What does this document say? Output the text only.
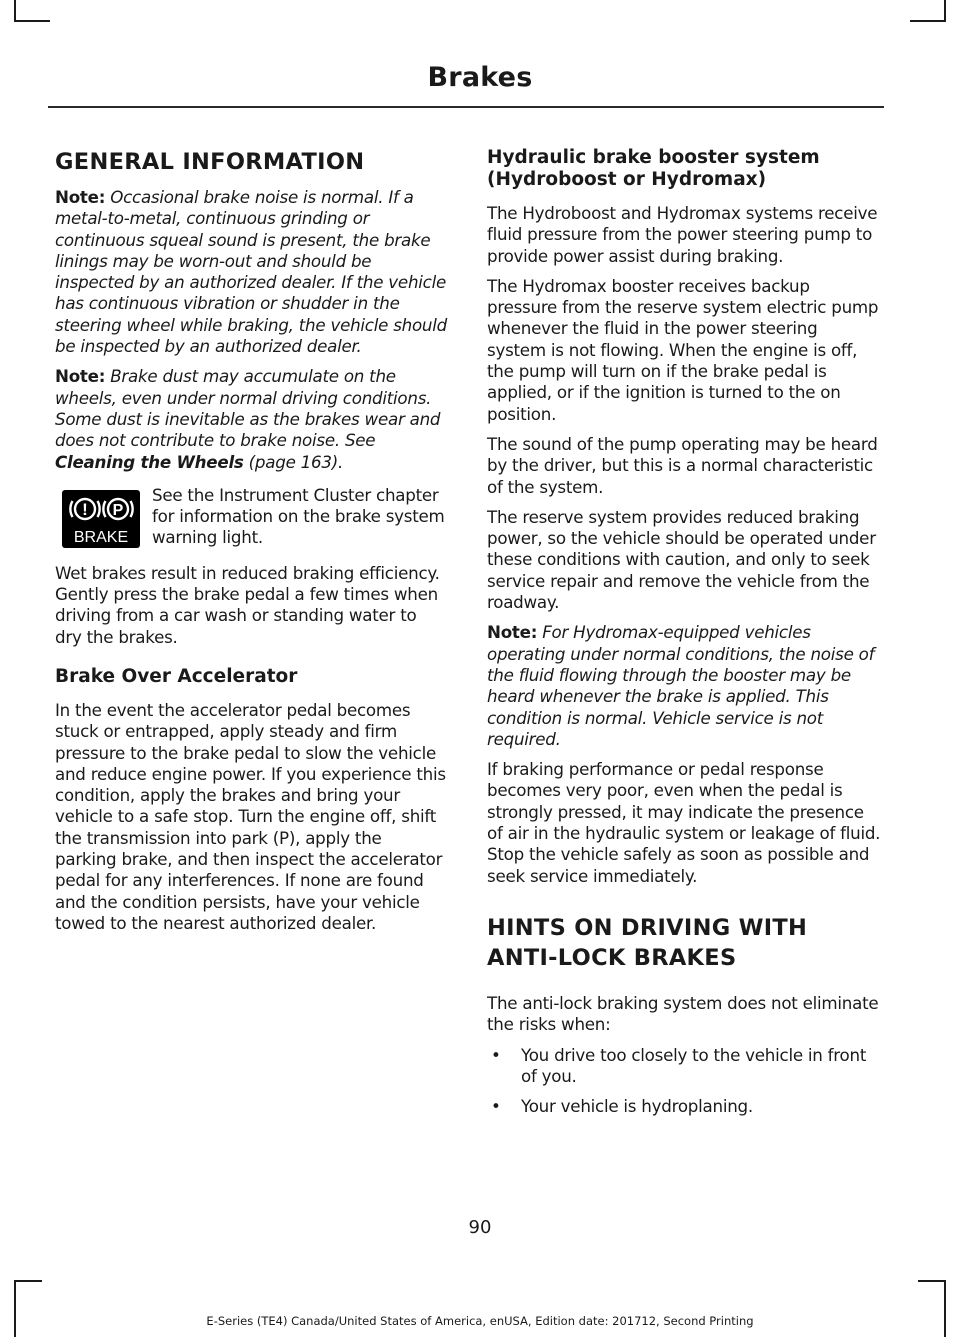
Brakes
GENERAL INFORMATION

Note: Occasional brake noise is normal. If a metal-to-metal, continuous grinding or continuous squeal sound is present, the brake linings may be worn-out and should be inspected by an authorized dealer. If the vehicle has continuous vibration or shudder in the steering wheel while braking, the vehicle should be inspected by an authorized dealer.

Note: Brake dust may accumulate on the wheels, even under normal driving conditions. Some dust is inevitable as the brakes wear and does not contribute to brake noise. See Cleaning the Wheels (page 163).

! P
BRAKE

See the Instrument Cluster chapter for information on the brake system warning light.

Wet brakes result in reduced braking efficiency. Gently press the brake pedal a few times when driving from a car wash or standing water to dry the brakes.

Brake Over Accelerator

In the event the accelerator pedal becomes stuck or entrapped, apply steady and firm pressure to the brake pedal to slow the vehicle and reduce engine power. If you experience this condition, apply the brakes and bring your vehicle to a safe stop. Turn the engine off, shift the transmission into park (P), apply the parking brake, and then inspect the accelerator pedal for any interferences. If none are found and the condition persists, have your vehicle towed to the nearest authorized dealer.

Hydraulic brake booster system (Hydroboost or Hydromax)

The Hydroboost and Hydromax systems receive fluid pressure from the power steering pump to provide power assist during braking.

The Hydromax booster receives backup pressure from the reserve system electric pump whenever the fluid in the power steering system is not flowing. When the engine is off, the pump will turn on if the brake pedal is applied, or if the ignition is turned to the on position.

The sound of the pump operating may be heard by the driver, but this is a normal characteristic of the system.

The reserve system provides reduced braking power, so the vehicle should be operated under these conditions with caution, and only to seek service repair and remove the vehicle from the roadway.

Note: For Hydromax-equipped vehicles operating under normal conditions, the noise of the fluid flowing through the booster may be heard whenever the brake is applied. This condition is normal. Vehicle service is not required.

If braking performance or pedal response becomes very poor, even when the pedal is strongly pressed, it may indicate the presence of air in the hydraulic system or leakage of fluid. Stop the vehicle safely as soon as possible and seek service immediately.

HINTS ON DRIVING WITH
ANTI-LOCK BRAKES

The anti-lock braking system does not eliminate the risks when:

• You drive too closely to the vehicle in front of you.
• Your vehicle is hydroplaning.
90
E-Series (TE4) Canada/United States of America, enUSA, Edition date: 201712, Second Printing
